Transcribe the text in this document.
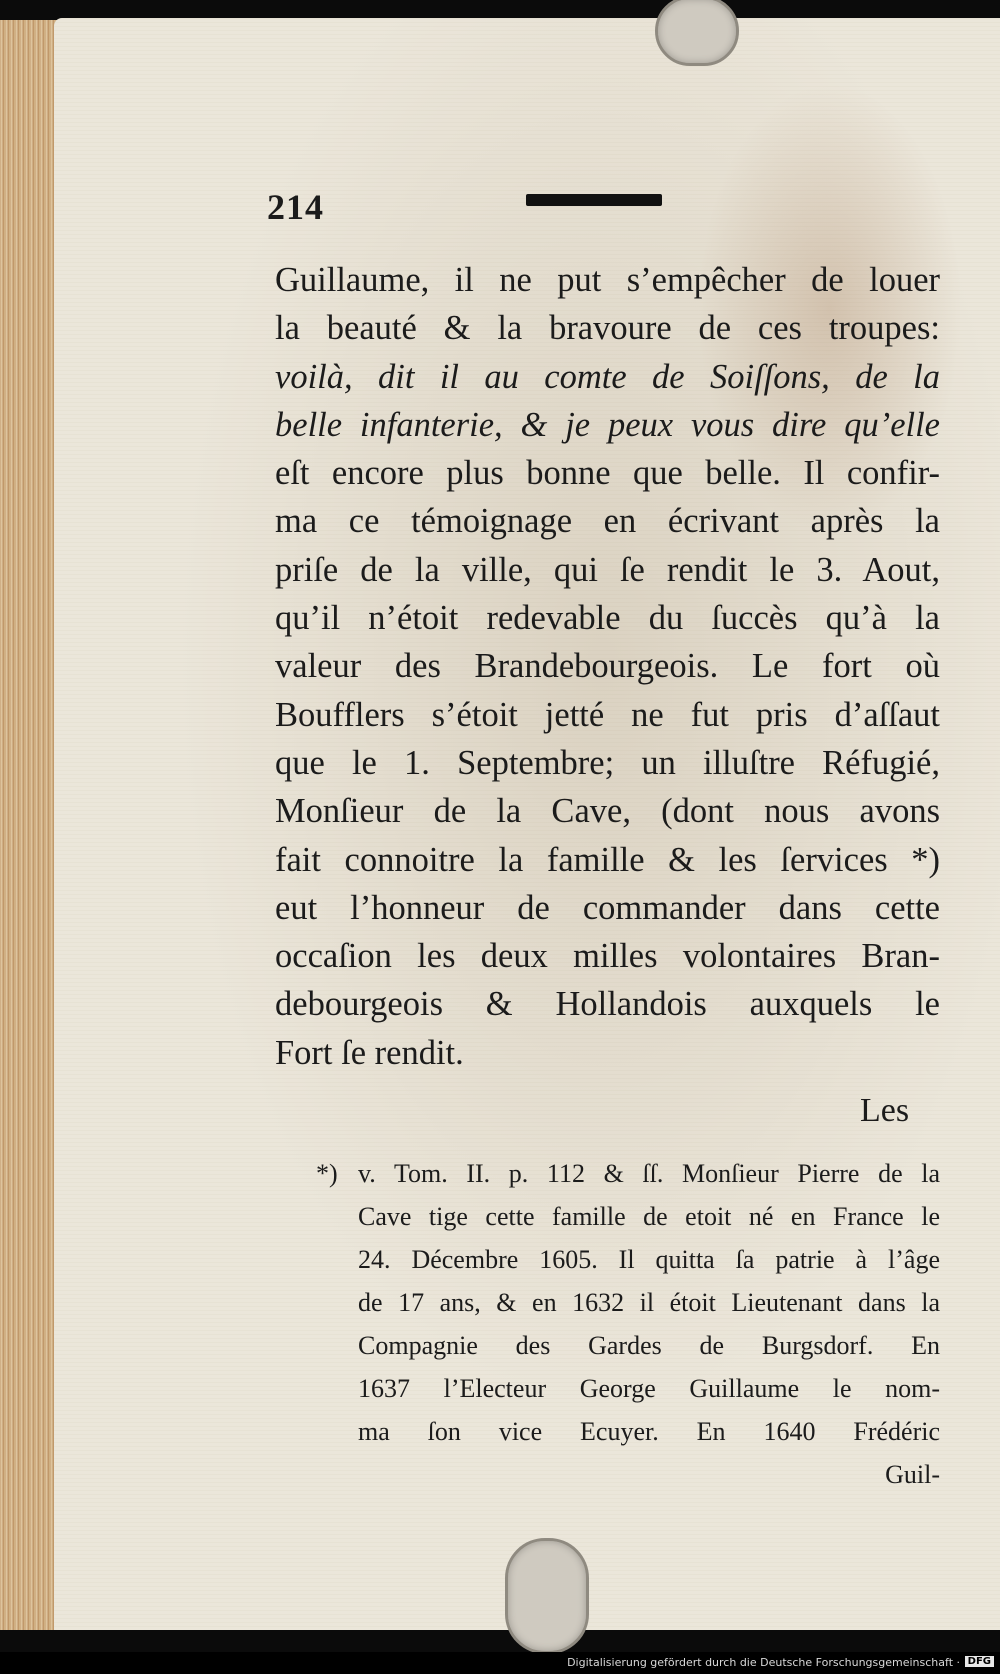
214
Guillaume, il ne put s’empêcher de louer
la beauté & la bravoure de ces troupes:
voilà, dit il au comte de Soiſſons, de la
belle infanterie, & je peux vous dire qu’elle
eſt encore plus bonne que belle. Il confir-
ma ce témoignage en écrivant après la
priſe de la ville, qui ſe rendit le 3. Aout,
qu’il n’étoit redevable du ſuccès qu’à la
valeur des Brandebourgeois. Le fort où
Boufflers s’étoit jetté ne fut pris d’aſſaut
que le 1. Septembre; un illuſtre Réfugié,
Monſieur de la Cave, (dont nous avons
fait connoitre la famille & les ſervices *)
eut l’honneur de commander dans cette
occaſion les deux milles volontaires Bran-
debourgeois & Hollandois auxquels le
Fort ſe rendit.
Les
*) v. Tom. II. p. 112 & ſſ. Monſieur Pierre de la
Cave tige cette famille de etoit né en France le
24. Décembre 1605. Il quitta ſa patrie à l’âge
de 17 ans, & en 1632 il étoit Lieutenant dans la
Compagnie des Gardes de Burgsdorf. En
1637 l’Electeur George Guillaume le nom-
ma ſon vice Ecuyer. En 1640 Frédéric
Guil-
Digitalisierung gefördert durch die Deutsche Forschungsgemeinschaft · DFG
